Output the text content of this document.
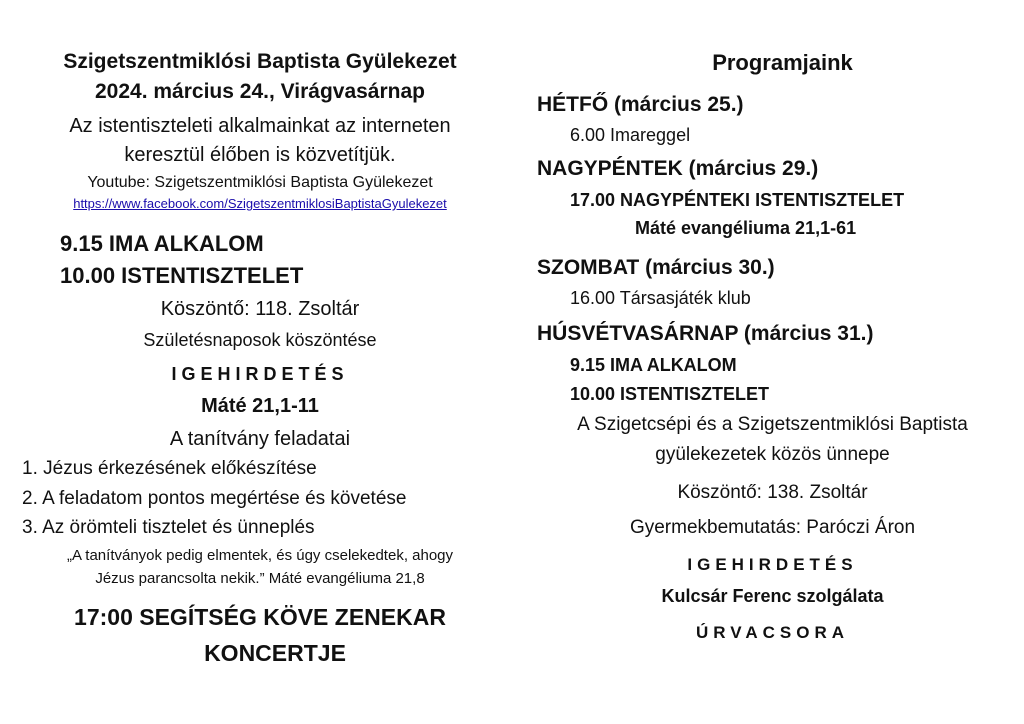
Szigetszentmiklósi Baptista Gyülekezet
2024. március 24., Virágvasárnap
Az istentiszteleti alkalmainkat az interneten
keresztül élőben is közvetítjük.
Youtube: Szigetszentmiklósi Baptista Gyülekezet
https://www.facebook.com/SzigetszentmiklosiBaptistaGyulekezet
9.15 IMA ALKALOM
10.00 ISTENTISZTELET
Köszöntő: 118. Zsoltár
Születésnaposok köszöntése
IGEHIRDETÉS
Máté 21,1-11
A tanítvány feladatai
1. Jézus érkezésének előkészítése
2. A feladatom pontos megértése és követése
3. Az örömteli tisztelet és ünneplés
„A tanítványok pedig elmentek, és úgy cselekedtek, ahogy
Jézus parancsolta nekik.” Máté evangéliuma 21,8
17:00 SEGÍTSÉG KÖVE ZENEKAR
KONCERTJE
Programjaink
HÉTFŐ (március 25.)
6.00 Imareggel
NAGYPÉNTEK (március 29.)
17.00 NAGYPÉNTEKI ISTENTISZTELET
Máté evangéliuma 21,1-61
SZOMBAT (március 30.)
16.00 Társasjáték klub
HÚSVÉTVASÁRNAP (március 31.)
9.15 IMA ALKALOM
10.00 ISTENTISZTELET
A Szigetcsépi és a Szigetszentmiklósi Baptista
gyülekezetek közös ünnepe
Köszöntő: 138. Zsoltár
Gyermekbemutatás: Paróczi Áron
IGEHIRDETÉS
Kulcsár Ferenc szolgálata
ÚRVACSORA
